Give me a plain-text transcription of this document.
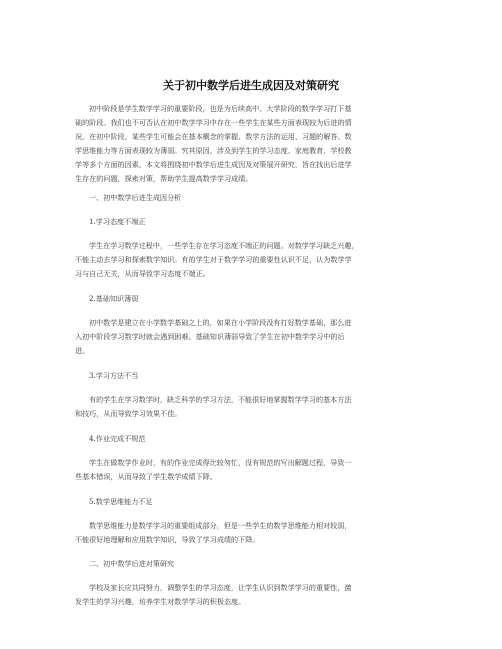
关于初中数学后进生成因及对策研究
初中阶段是学生数学学习的重要阶段，也是为后续高中、大学阶段的数学学习打下基
础的阶段。我们也不可否认在初中数学学习中存在一些学生在某些方面表现较为后进的情
况。在初中阶段，某些学生可能会在基本概念的掌握、数学方法的运用、习题的解答、数
学思维能力等方面表现较为薄弱。究其原因，涉及到学生的学习态度、家庭教育、学校教
学等多个方面的因素。本文将围绕初中数学后进生成因及对策展开研究，旨在找出后进学
生存在的问题，探索对策，帮助学生提高数学学习成绩。
一、初中数学后进生成因分析
1.学习态度不端正
学生在学习数学过程中，一些学生存在学习态度不端正的问题。对数学学习缺乏兴趣，
不能主动去学习和探索数学知识。有的学生对于数学学习的重要性认识不足，认为数学学
习与自己无关，从而导致学习态度不端正。
2.基础知识薄弱
初中数学是建立在小学数学基础之上的，如果在小学阶段没有打好数学基础，那么进
入初中阶段学习数学时就会遇到困难。基础知识薄弱导致了学生在初中数学学习中的后
进。
3.学习方法不当
有的学生在学习数学时，缺乏科学的学习方法，不能很好地掌握数学学习的基本方法
和技巧，从而导致学习效果不佳。
4.作业完成不规范
学生在做数学作业时，有的作业完成得比较匆忙，没有规范的写出解题过程，导致一
些基本错误，从而导致了学生数学成绩下降。
5.数学思维能力不足
数学思维能力是数学学习的重要组成部分，但是一些学生的数学思维能力相对较弱，
不能很好地理解和应用数学知识，导致了学习成绩的下降。
二、初中数学后进对策研究
学校及家长应共同努力，调整学生的学习态度，让学生认识到数学学习的重要性，激
发学生的学习兴趣，培养学生对数学学习的积极态度。
